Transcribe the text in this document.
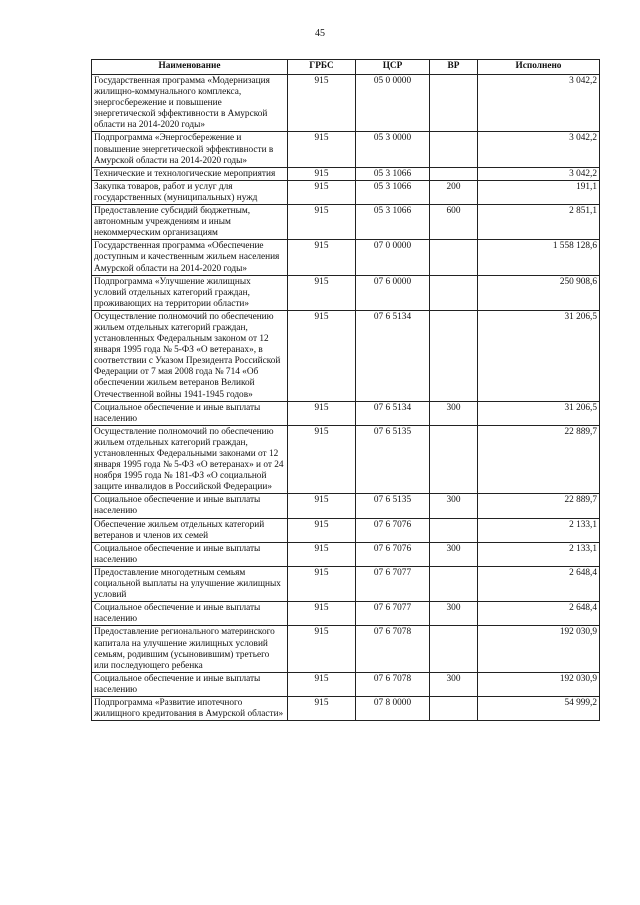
45
Наименование	ГРБС	ЦСР	ВР	Исполнено
Государственная программа «Модернизация жилищно-коммунального комплекса, энергосбережение и повышение энергетической эффективности в Амурской области на 2014-2020 годы»	915	05 0 0000		3 042,2
Подпрограмма «Энергосбережение и повышение энергетической эффективности в Амурской области на 2014-2020 годы»	915	05 3 0000		3 042,2
Технические и технологические мероприятия	915	05 3 1066		3 042,2
Закупка товаров, работ и услуг для государственных (муниципальных) нужд	915	05 3 1066	200	191,1
Предоставление субсидий бюджетным, автономным учреждениям и иным некоммерческим организациям	915	05 3 1066	600	2 851,1
Государственная программа «Обеспечение доступным и качественным жильем населения Амурской области на 2014-2020 годы»	915	07 0 0000		1 558 128,6
Подпрограмма «Улучшение жилищных условий отдельных категорий граждан, проживающих на территории области»	915	07 6 0000		250 908,6
Осуществление полномочий по обеспечению жильем отдельных категорий граждан, установленных Федеральным законом от 12 января 1995 года № 5-ФЗ «О ветеранах», в соответствии с Указом Президента Российской Федерации от 7 мая 2008 года № 714 «Об обеспечении жильем ветеранов Великой Отечественной войны 1941-1945 годов»	915	07 6 5134		31 206,5
Социальное обеспечение и иные выплаты населению	915	07 6 5134	300	31 206,5
Осуществление полномочий по обеспечению жильем отдельных категорий граждан, установленных Федеральными законами от 12 января 1995 года № 5-ФЗ «О ветеранах» и от 24 ноября 1995 года № 181-ФЗ «О социальной защите инвалидов в Российской Федерации»	915	07 6 5135		22 889,7
Социальное обеспечение и иные выплаты населению	915	07 6 5135	300	22 889,7
Обеспечение жильем отдельных категорий ветеранов и членов их семей	915	07 6 7076		2 133,1
Социальное обеспечение и иные выплаты населению	915	07 6 7076	300	2 133,1
Предоставление многодетным семьям социальной выплаты на улучшение жилищных условий	915	07 6 7077		2 648,4
Социальное обеспечение и иные выплаты населению	915	07 6 7077	300	2 648,4
Предоставление регионального материнского капитала на улучшение жилищных условий семьям, родившим (усыновившим) третьего или последующего ребенка	915	07 6 7078		192 030,9
Социальное обеспечение и иные выплаты населению	915	07 6 7078	300	192 030,9
Подпрограмма «Развитие ипотечного жилищного кредитования в Амурской области»	915	07 8 0000		54 999,2
